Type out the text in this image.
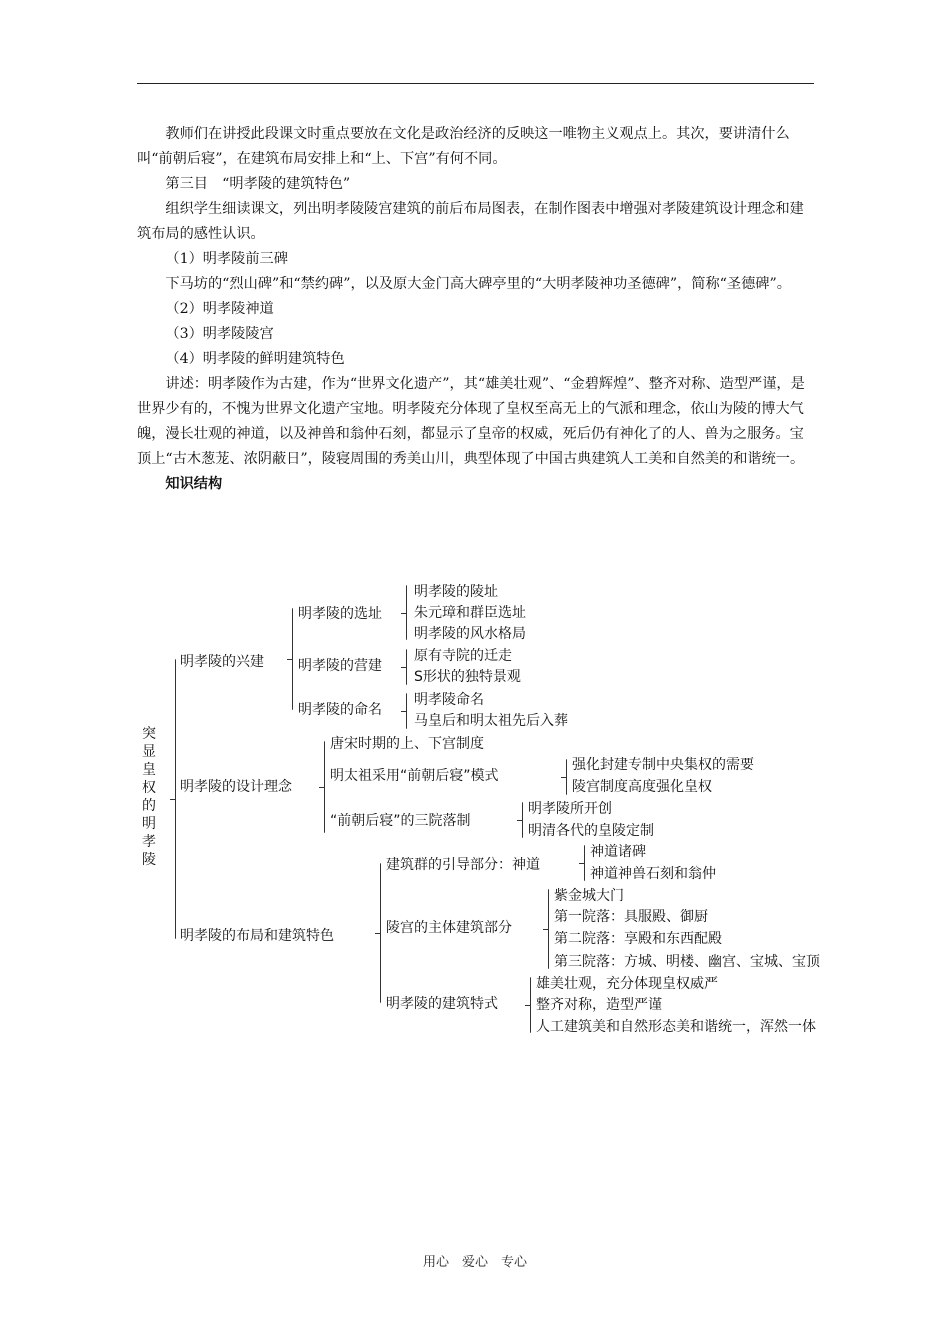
教师们在讲授此段课文时重点要放在文化是政治经济的反映这一唯物主义观点上。其次，要讲清什么叫“前朝后寝”，在建筑布局安排上和“上、下宫”有何不同。

第三目　“明孝陵的建筑特色”

组织学生细读课文，列出明孝陵陵宫建筑的前后布局图表，在制作图表中增强对孝陵建筑设计理念和建筑布局的感性认识。

（1）明孝陵前三碑

下马坊的“烈山碑”和“禁约碑”，以及原大金门高大碑亭里的“大明孝陵神功圣德碑”，简称“圣德碑”。

（2）明孝陵神道

（3）明孝陵陵宫

（4）明孝陵的鲜明建筑特色

讲述：明孝陵作为古建，作为“世界文化遗产”，其“雄美壮观”、“金碧辉煌”、整齐对称、造型严谨，是世界少有的，不愧为世界文化遗产宝地。明孝陵充分体现了皇权至高无上的气派和理念，依山为陵的博大气魄，漫长壮观的神道，以及神兽和翁仲石刻，都显示了皇帝的权威，死后仍有神化了的人、兽为之服务。宝顶上“古木葱茏、浓阴蔽日”，陵寝周围的秀美山川，典型体现了中国古典建筑人工美和自然美的和谐统一。

知识结构

突显皇权的明孝陵
明孝陵的兴建
明孝陵的选址
明孝陵的陵址
朱元璋和群臣选址
明孝陵的风水格局
明孝陵的营建
原有寺院的迁走
S形状的独特景观
明孝陵的命名
明孝陵命名
马皇后和明太祖先后入葬
明孝陵的设计理念
唐宋时期的上、下宫制度
明太祖采用“前朝后寝”模式
强化封建专制中央集权的需要
陵宫制度高度强化皇权
“前朝后寝”的三院落制
明孝陵所开创
明清各代的皇陵定制
明孝陵的布局和建筑特色
建筑群的引导部分：神道
神道诸碑
神道神兽石刻和翁仲
陵宫的主体建筑部分
紫金城大门
第一院落：具服殿、御厨
第二院落：享殿和东西配殿
第三院落：方城、明楼、幽宫、宝城、宝顶
明孝陵的建筑特式
雄美壮观，充分体现皇权威严
整齐对称，造型严谨
人工建筑美和自然形态美和谐统一，浑然一体
用心　爱心　专心
